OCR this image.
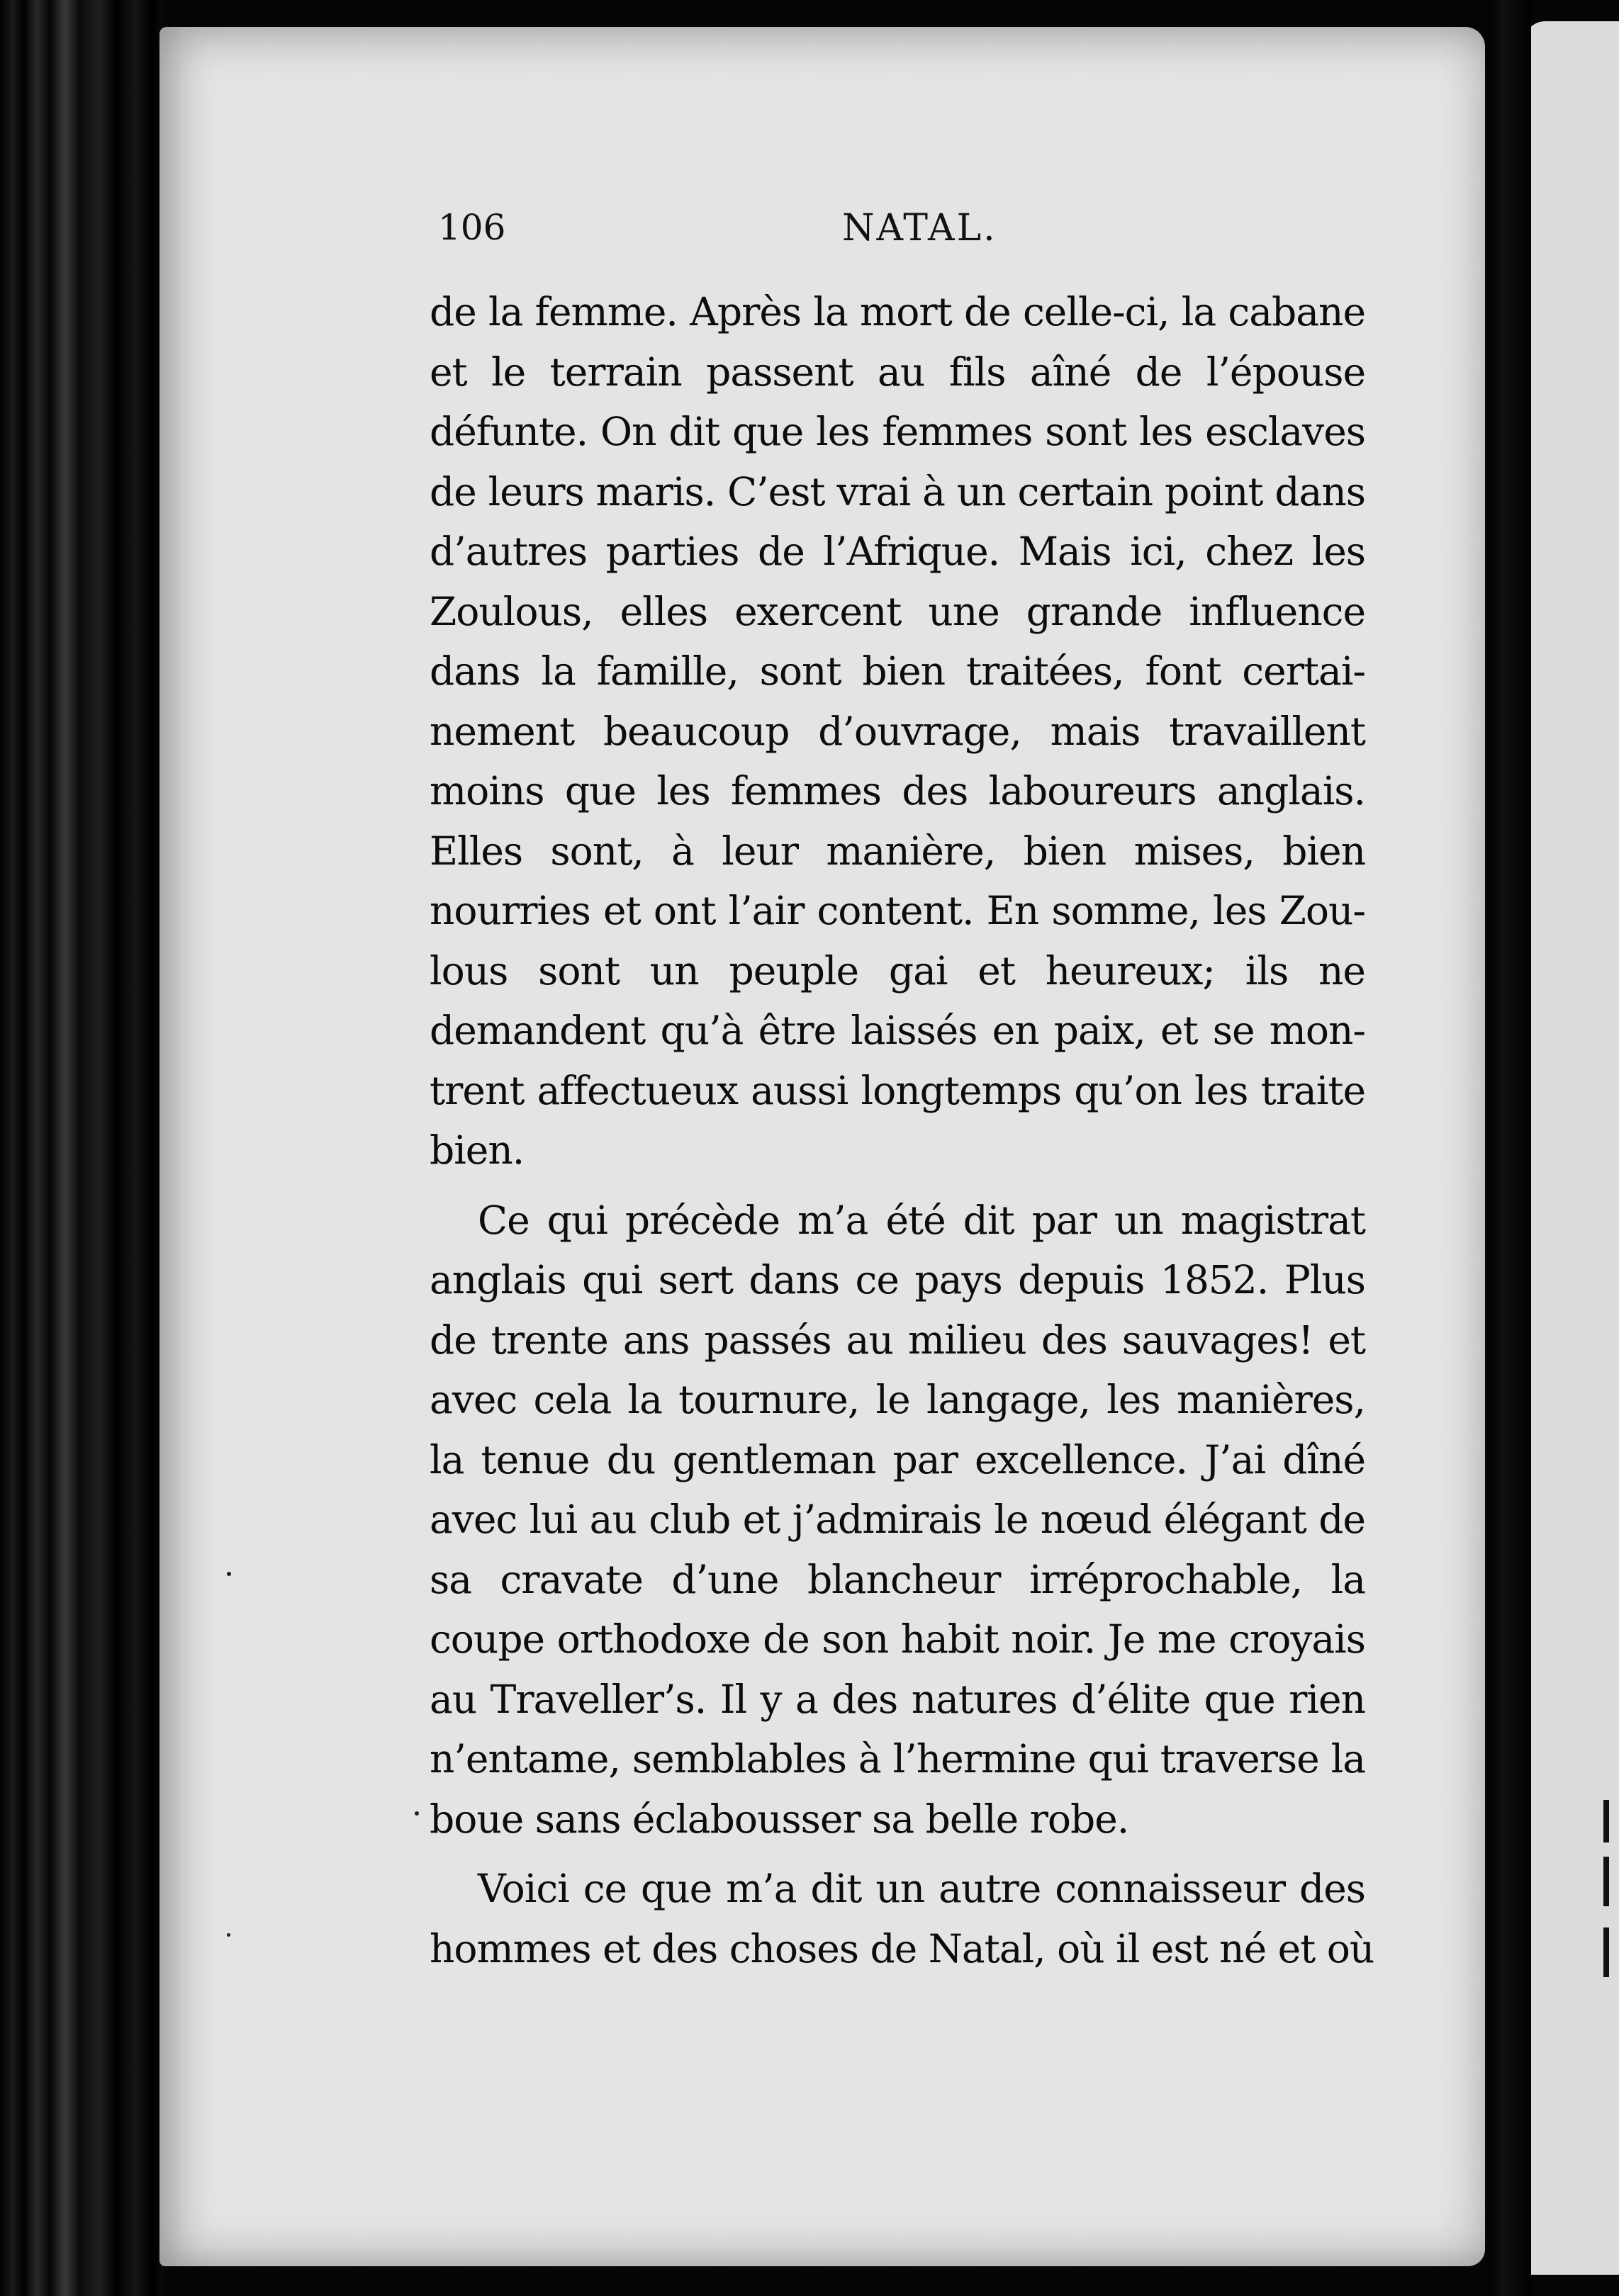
106	NATAL.
de la femme. Après la mort de celle-ci, la cabane
et le terrain passent au fils aîné de l’épouse
défunte. On dit que les femmes sont les esclaves
de leurs maris. C’est vrai à un certain point dans
d’autres parties de l’Afrique. Mais ici, chez les
Zoulous, elles exercent une grande influence
dans la famille, sont bien traitées, font certai-
nement beaucoup d’ouvrage, mais travaillent
moins que les femmes des laboureurs anglais.
Elles sont, à leur manière, bien mises, bien
nourries et ont l’air content. En somme, les Zou-
lous sont un peuple gai et heureux; ils ne
demandent qu’à être laissés en paix, et se mon-
trent affectueux aussi longtemps qu’on les traite
bien.
Ce qui précède m’a été dit par un magistrat
anglais qui sert dans ce pays depuis 1852. Plus
de trente ans passés au milieu des sauvages! et
avec cela la tournure, le langage, les manières,
la tenue du gentleman par excellence. J’ai dîné
avec lui au club et j’admirais le nœud élégant de
sa cravate d’une blancheur irréprochable, la
coupe orthodoxe de son habit noir. Je me croyais
au Traveller’s. Il y a des natures d’élite que rien
n’entame, semblables à l’hermine qui traverse la
boue sans éclabousser sa belle robe.
Voici ce que m’a dit un autre connaisseur des
hommes et des choses de Natal, où il est né et où
